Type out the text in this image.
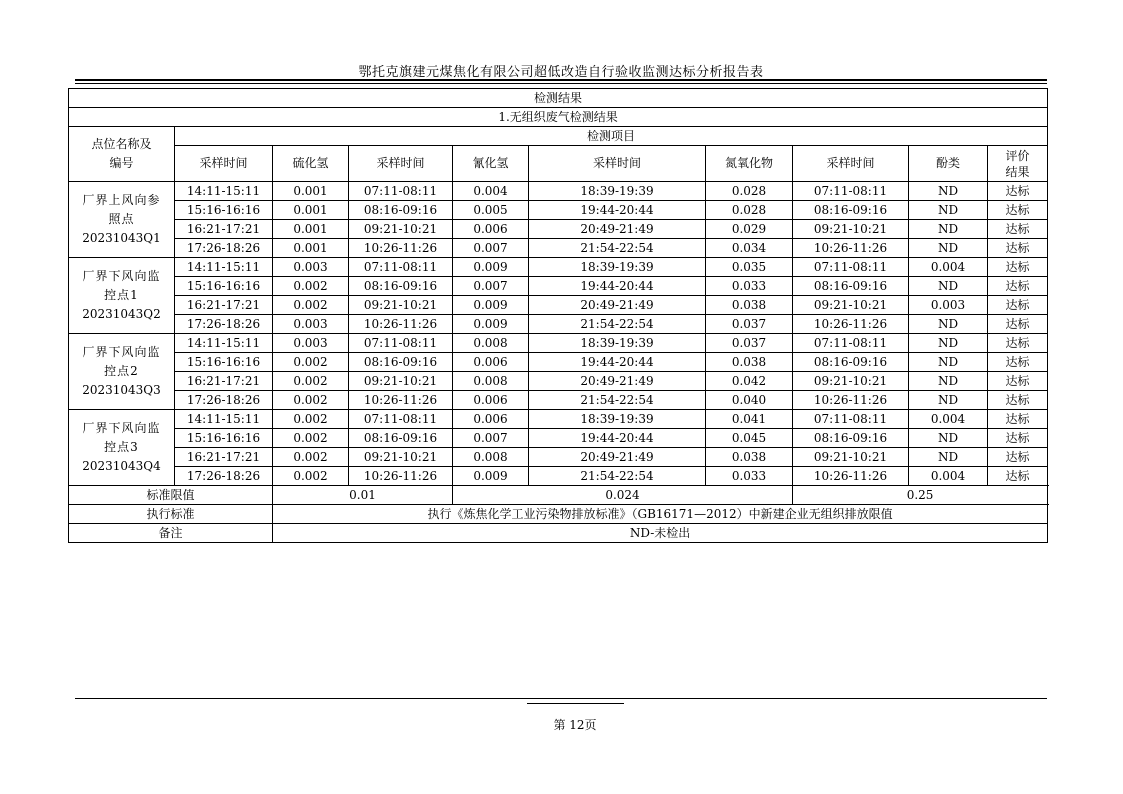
鄂托克旗建元煤焦化有限公司超低改造自行验收监测达标分析报告表
检测结果										
1.无组织废气检测结果										

点位名称及编号	检测项目									

	采样时间	硫化氢	采样时间	氰化氢	采样时间	氮氧化物	采样时间	酚类	评价结果	

厂界上风向参照点
20231043Q1	14:11-15:11	0.001	07:11-08:11	0.004	18:39-19:39	0.028	07:11-08:11	ND	达标	
	15:16-16:16	0.001	08:16-09:16	0.005	19:44-20:44	0.028	08:16-09:16	ND	达标	
	16:21-17:21	0.001	09:21-10:21	0.006	20:49-21:49	0.029	09:21-10:21	ND	达标	
	17:26-18:26	0.001	10:26-11:26	0.007	21:54-22:54	0.034	10:26-11:26	ND	达标	

厂界下风向监控点1
20231043Q2	14:11-15:11	0.003	07:11-08:11	0.009	18:39-19:39	0.035	07:11-08:11	0.004	达标	
	15:16-16:16	0.002	08:16-09:16	0.007	19:44-20:44	0.033	08:16-09:16	ND	达标	
	16:21-17:21	0.002	09:21-10:21	0.009	20:49-21:49	0.038	09:21-10:21	0.003	达标	
	17:26-18:26	0.003	10:26-11:26	0.009	21:54-22:54	0.037	10:26-11:26	ND	达标	

厂界下风向监控点2
20231043Q3	14:11-15:11	0.003	07:11-08:11	0.008	18:39-19:39	0.037	07:11-08:11	ND	达标	
	15:16-16:16	0.002	08:16-09:16	0.006	19:44-20:44	0.038	08:16-09:16	ND	达标	
	16:21-17:21	0.002	09:21-10:21	0.008	20:49-21:49	0.042	09:21-10:21	ND	达标	
	17:26-18:26	0.002	10:26-11:26	0.006	21:54-22:54	0.040	10:26-11:26	ND	达标	

厂界下风向监控点3
20231043Q4	14:11-15:11	0.002	07:11-08:11	0.006	18:39-19:39	0.041	07:11-08:11	0.004	达标	
	15:16-16:16	0.002	08:16-09:16	0.007	19:44-20:44	0.045	08:16-09:16	ND	达标	
	16:21-17:21	0.002	09:21-10:21	0.008	20:49-21:49	0.038	09:21-10:21	ND	达标	
	17:26-18:26	0.002	10:26-11:26	0.009	21:54-22:54	0.033	10:26-11:26	0.004	达标	
标准限值		0.01		0.024			0.25	
执行标准		执行《炼焦化学工业污染物排放标准》（GB16171—2012）中新建企业无组织排放限值								
备注		ND-未检出								
第 12页
